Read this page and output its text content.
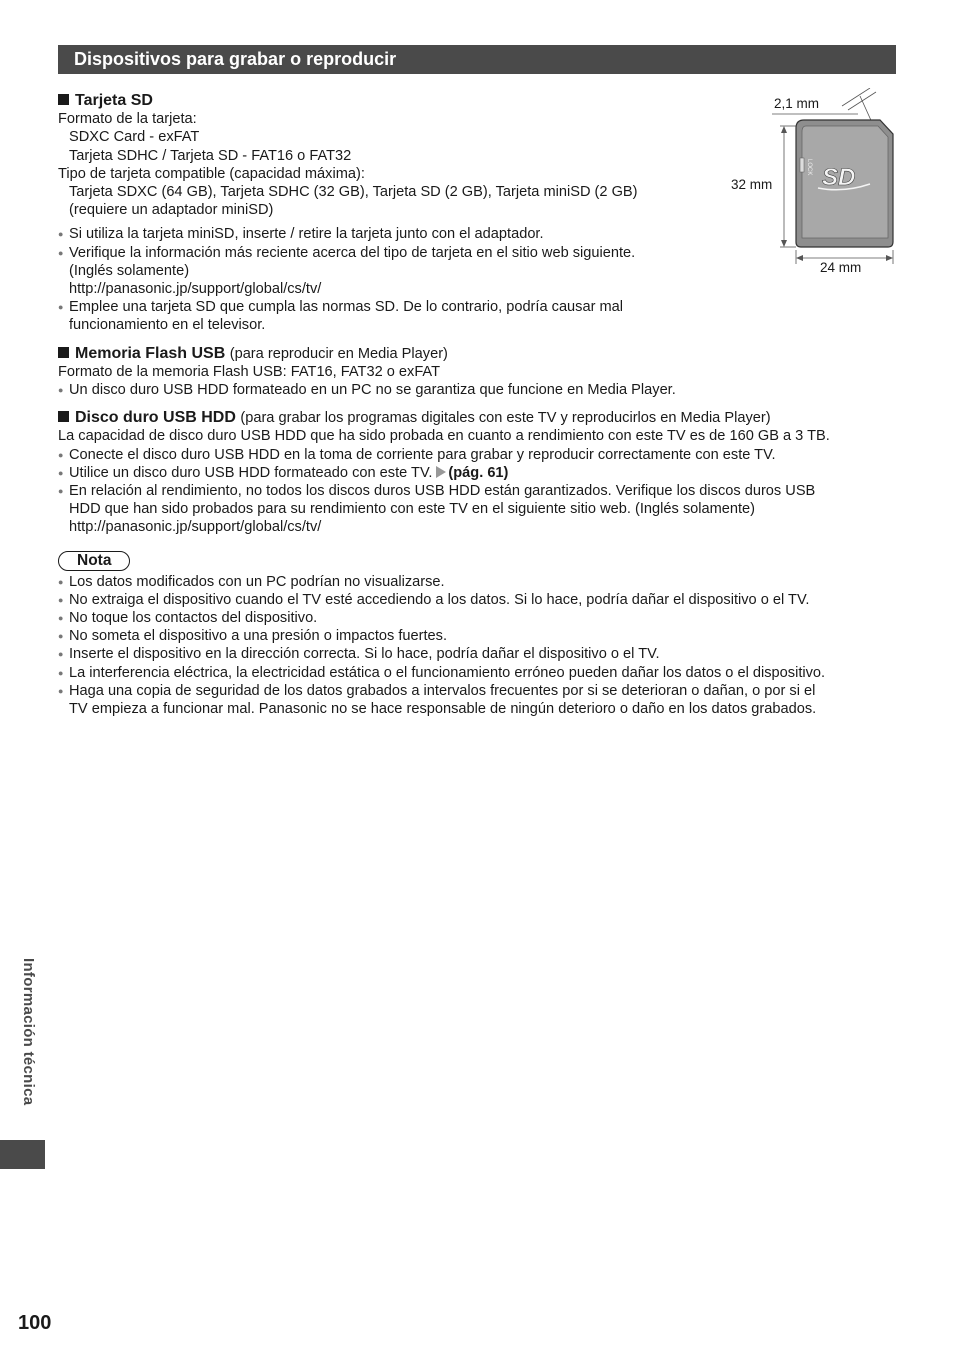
Dispositivos para grabar o reproducir
Tarjeta SD
Formato de la tarjeta:
SDXC Card - exFAT
Tarjeta SDHC / Tarjeta SD - FAT16 o FAT32
Tipo de tarjeta compatible (capacidad máxima):
Tarjeta SDXC (64 GB), Tarjeta SDHC (32 GB), Tarjeta SD (2 GB), Tarjeta miniSD (2 GB)
(requiere un adaptador miniSD)
● Si utiliza la tarjeta miniSD, inserte / retire la tarjeta junto con el adaptador.
● Verifique la información más reciente acerca del tipo de tarjeta en el sitio web siguiente.
(Inglés solamente)
http://panasonic.jp/support/global/cs/tv/
● Emplee una tarjeta SD que cumpla las normas SD. De lo contrario, podría causar mal
funcionamiento en el televisor.
Memoria Flash USB (para reproducir en Media Player)
Formato de la memoria Flash USB: FAT16, FAT32 o exFAT
● Un disco duro USB HDD formateado en un PC no se garantiza que funcione en Media Player.
Disco duro USB HDD (para grabar los programas digitales con este TV y reproducirlos en Media Player)
La capacidad de disco duro USB HDD que ha sido probada en cuanto a rendimiento con este TV es de 160 GB a 3 TB.
● Conecte el disco duro USB HDD en la toma de corriente para grabar y reproducir correctamente con este TV.
● Utilice un disco duro USB HDD formateado con este TV. (pág. 61)
● En relación al rendimiento, no todos los discos duros USB HDD están garantizados. Verifique los discos duros USB
HDD que han sido probados para su rendimiento con este TV en el siguiente sitio web. (Inglés solamente)
http://panasonic.jp/support/global/cs/tv/
Nota
● Los datos modificados con un PC podrían no visualizarse.
● No extraiga el dispositivo cuando el TV esté accediendo a los datos. Si lo hace, podría dañar el dispositivo o el TV.
● No toque los contactos del dispositivo.
● No someta el dispositivo a una presión o impactos fuertes.
● Inserte el dispositivo en la dirección correcta. Si lo hace, podría dañar el dispositivo o el TV.
● La interferencia eléctrica, la electricidad estática o el funcionamiento erróneo pueden dañar los datos o el dispositivo.
● Haga una copia de seguridad de los datos grabados a intervalos frecuentes por si se deterioran o dañan, o por si el
TV empieza a funcionar mal. Panasonic no se hace responsable de ningún deterioro o daño en los datos grabados.
2,1 mm
32 mm
24 mm
LOCK SD
Información técnica
100
